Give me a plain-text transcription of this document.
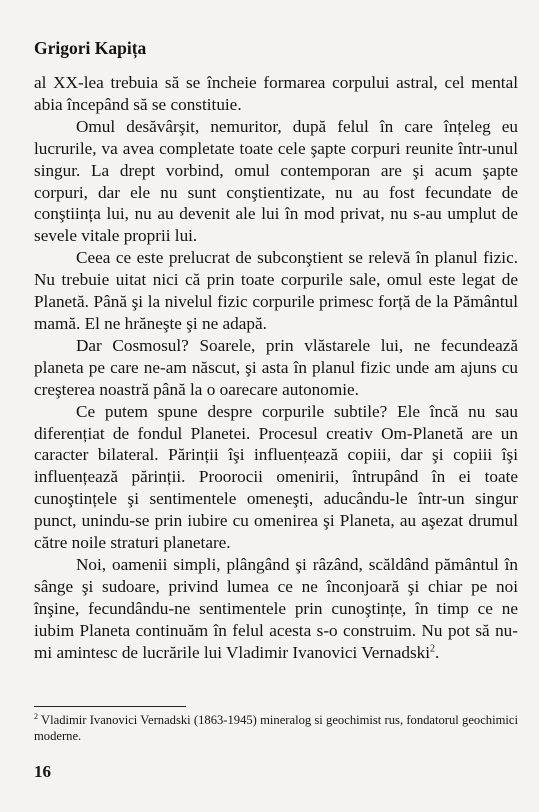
Grigori Kapița

al XX-lea trebuia să se încheie formarea corpului astral, cel mental abia începând să se constituie.

Omul desăvârşit, nemuritor, după felul în care înțeleg eu lucrurile, va avea completate toate cele şapte corpuri reunite într-unul singur. La drept vorbind, omul contemporan are şi acum şapte corpuri, dar ele nu sunt conştientizate, nu au fost fecundate de conştiința lui, nu au devenit ale lui în mod privat, nu s-au umplut de sevele vitale proprii lui.

Ceea ce este prelucrat de subconştient se relevă în planul fizic. Nu trebuie uitat nici că prin toate corpurile sale, omul este legat de Planetă. Până şi la nivelul fizic corpurile primesc forță de la Pământul mamă. El ne hrăneşte şi ne adapă.

Dar Cosmosul? Soarele, prin vlăstarele lui, ne fecundează planeta pe care ne-am născut, şi asta în planul fizic unde am ajuns cu creşterea noastră până la o oarecare autonomie.

Ce putem spune despre corpurile subtile? Ele încă nu sau diferențiat de fondul Planetei. Procesul creativ Om-Planetă are un caracter bilateral. Părinții îşi influențează copiii, dar şi copiii îşi influențează părinții. Proorocii omenirii, întrupând în ei toate cunoştințele şi sentimentele omeneşti, aducându-le într-un singur punct, unindu-se prin iubire cu omenirea şi Planeta, au aşezat drumul către noile straturi planetare.

Noi, oamenii simpli, plângând şi râzând, scăldând pământul în sânge şi sudoare, privind lumea ce ne înconjoară şi chiar pe noi înşine, fecundându-ne sentimentele prin cunoştințe, în timp ce ne iubim Planeta continuăm în felul acesta s-o construim. Nu pot să nu-mi amintesc de lucrările lui Vladimir Ivanovici Vernadski$^2$.

$^2$ Vladimir Ivanovici Vernadski (1863-1945) mineralog si geochimist rus, fondatorul geochimici moderne.
16
